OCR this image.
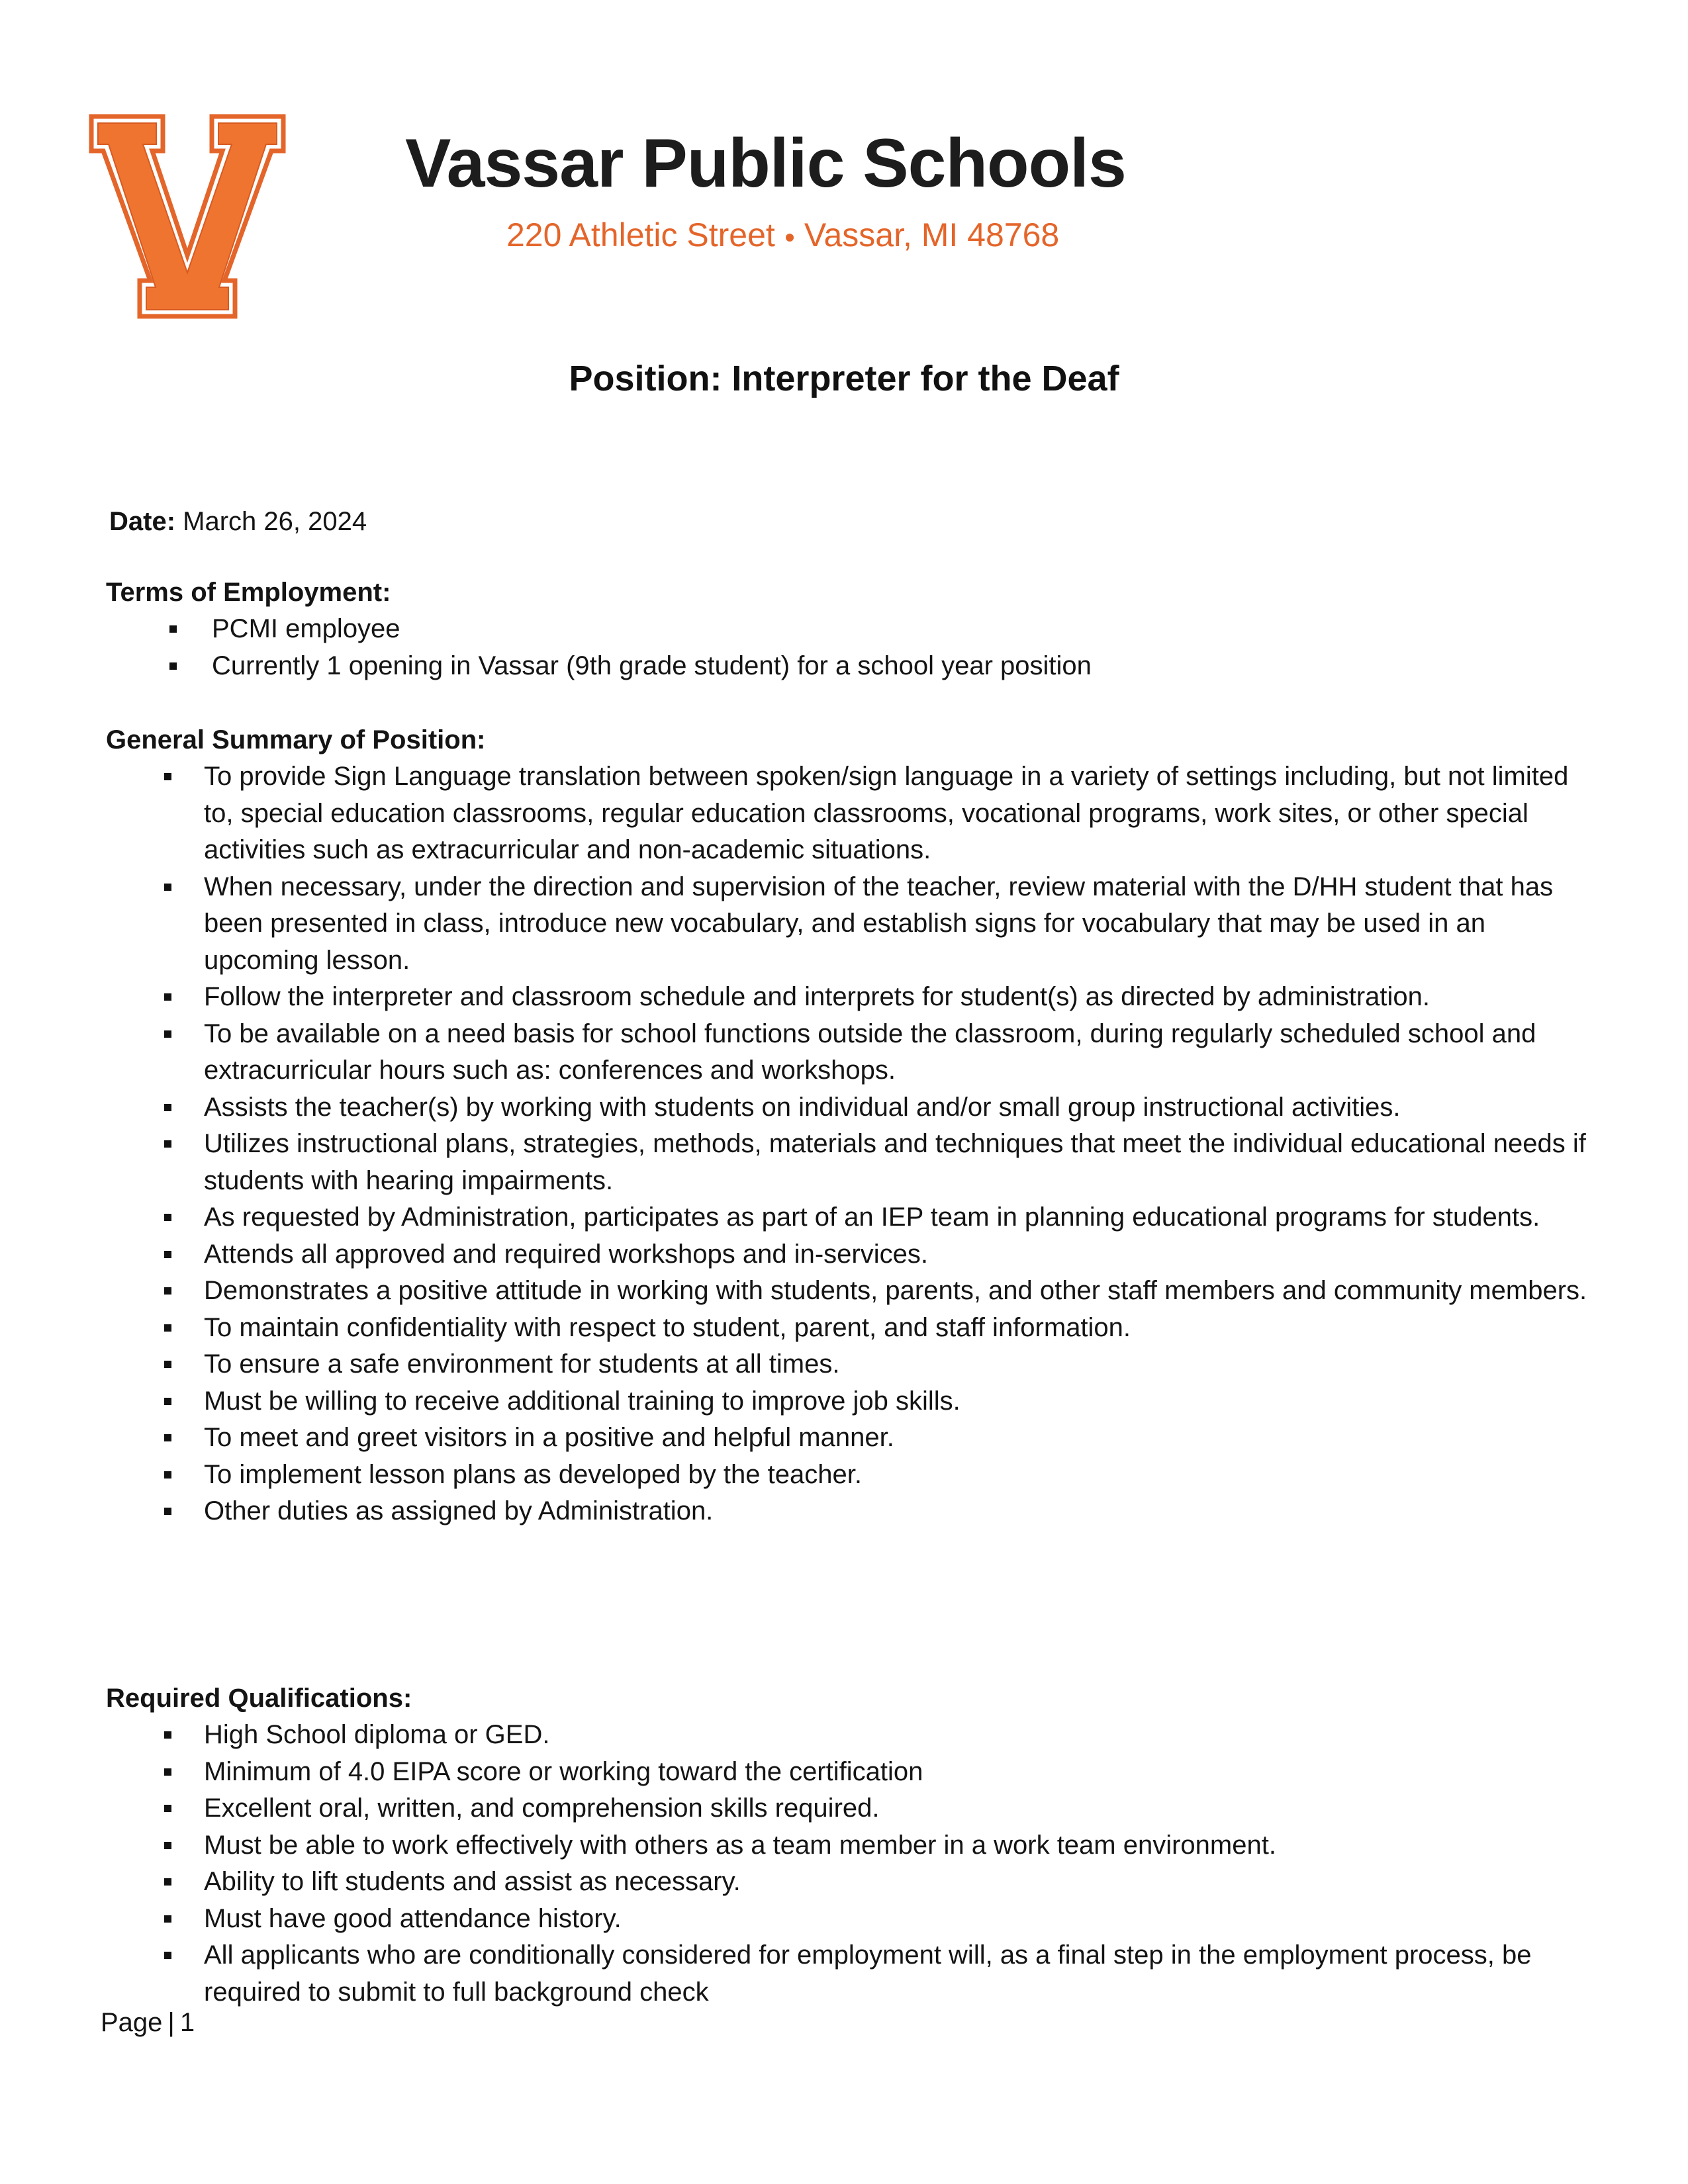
Vassar Public Schools
220 Athletic Street Vassar, MI 48768
Position: Interpreter for the Deaf
Date: March 26, 2024
Terms of Employment:
PCMI employee
Currently 1 opening in Vassar (9th grade student) for a school year position
General Summary of Position:
To provide Sign Language translation between spoken/sign language in a variety of settings including, but not limited to, special education classrooms, regular education classrooms, vocational programs, work sites, or other special activities such as extracurricular and non-academic situations.
When necessary, under the direction and supervision of the teacher, review material with the D/HH student that has been presented in class, introduce new vocabulary, and establish signs for vocabulary that may be used in an upcoming lesson.
Follow the interpreter and classroom schedule and interprets for student(s) as directed by administration.
To be available on a need basis for school functions outside the classroom, during regularly scheduled school and extracurricular hours such as: conferences and workshops.
Assists the teacher(s) by working with students on individual and/or small group instructional activities.
Utilizes instructional plans, strategies, methods, materials and techniques that meet the individual educational needs if students with hearing impairments.
As requested by Administration, participates as part of an IEP team in planning educational programs for students.
Attends all approved and required workshops and in-services.
Demonstrates a positive attitude in working with students, parents, and other staff members and community members.
To maintain confidentiality with respect to student, parent, and staff information.
To ensure a safe environment for students at all times.
Must be willing to receive additional training to improve job skills.
To meet and greet visitors in a positive and helpful manner.
To implement lesson plans as developed by the teacher.
Other duties as assigned by Administration.
Required Qualifications:
High School diploma or GED.
Minimum of 4.0 EIPA score or working toward the certification
Excellent oral, written, and comprehension skills required.
Must be able to work effectively with others as a team member in a work team environment.
Ability to lift students and assist as necessary.
Must have good attendance history.
All applicants who are conditionally considered for employment will, as a final step in the employment process, be required to submit to full background check
Page | 1
